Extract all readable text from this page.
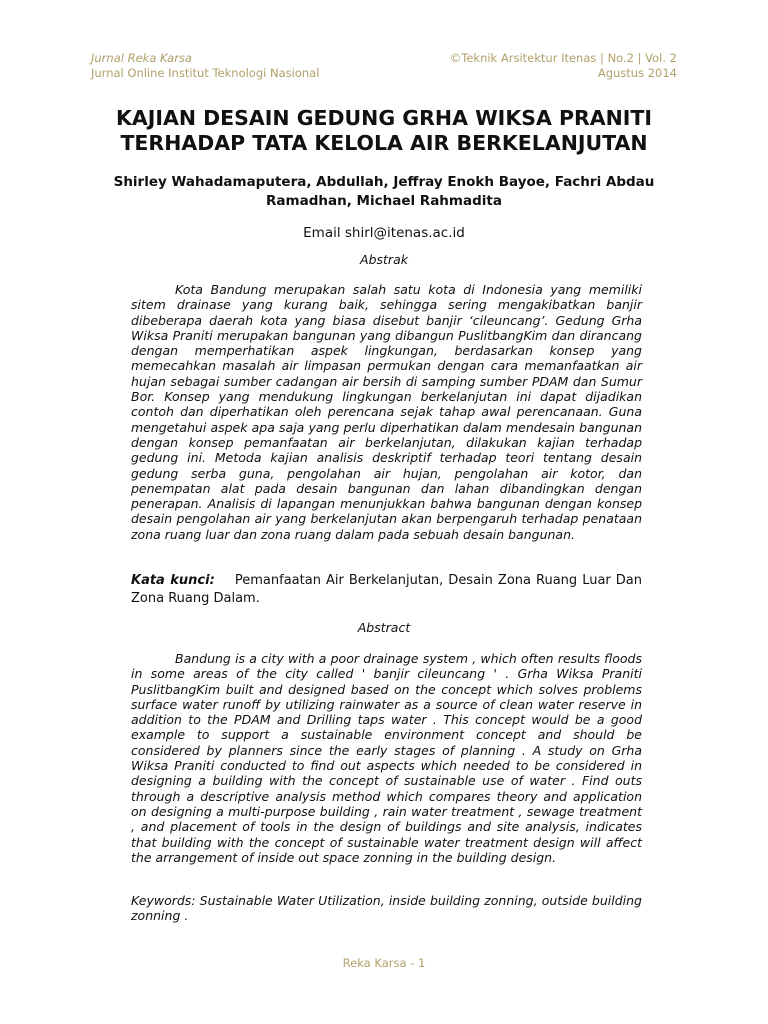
Jurnal Reka Karsa
Jurnal Online Institut Teknologi Nasional
©Teknik Arsitektur Itenas | No.2 | Vol. 2
Agustus 2014
KAJIAN DESAIN GEDUNG GRHA WIKSA PRANITI
TERHADAP TATA KELOLA AIR BERKELANJUTAN
Shirley Wahadamaputera, Abdullah, Jeffray Enokh Bayoe, Fachri Abdau
Ramadhan, Michael Rahmadita
Email shirl@itenas.ac.id
Abstrak

Kota Bandung merupakan salah satu kota di Indonesia yang memiliki sitem drainase yang kurang baik, sehingga sering mengakibatkan banjir dibeberapa daerah kota yang biasa disebut banjir ‘cileuncang’. Gedung Grha Wiksa Praniti merupakan bangunan yang dibangun PuslitbangKim dan dirancang dengan memperhatikan aspek lingkungan, berdasarkan konsep yang memecahkan masalah air limpasan permukan dengan cara memanfaatkan air hujan sebagai sumber cadangan air bersih di samping sumber PDAM dan Sumur Bor. Konsep yang mendukung lingkungan berkelanjutan ini dapat dijadikan contoh dan diperhatikan oleh perencana sejak tahap awal perencanaan. Guna mengetahui aspek apa saja yang perlu diperhatikan dalam mendesain bangunan dengan konsep pemanfaatan air berkelanjutan, dilakukan kajian terhadap gedung ini. Metoda kajian analisis deskriptif terhadap teori tentang desain gedung serba guna, pengolahan air hujan, pengolahan air kotor, dan penempatan alat pada desain bangunan dan lahan dibandingkan dengan penerapan. Analisis di lapangan menunjukkan bahwa bangunan dengan konsep desain pengolahan air yang berkelanjutan akan berpengaruh terhadap penataan zona ruang luar dan zona ruang dalam pada sebuah desain bangunan.

Kata kunci: Pemanfaatan Air Berkelanjutan, Desain Zona Ruang Luar Dan Zona Ruang Dalam.
Abstract

Bandung is a city with a poor drainage system , which often results floods in some areas of the city called ' banjir cileuncang ' . Grha Wiksa Praniti PuslitbangKim built and designed based on the concept which solves problems surface water runoff by utilizing rainwater as a source of clean water reserve in addition to the PDAM and Drilling taps water . This concept would be a good example to support a sustainable environment concept and should be considered by planners since the early stages of planning . A study on Grha Wiksa Praniti conducted to find out aspects which needed to be considered in designing a building with the concept of sustainable use of water . Find outs through a descriptive analysis method which compares theory and application on designing a multi-purpose building , rain water treatment , sewage treatment , and placement of tools in the design of buildings and site analysis, indicates that building with the concept of sustainable water treatment design will affect the arrangement of inside out space zonning in the building design.

Keywords: Sustainable Water Utilization, inside building zonning, outside building zonning .

Reka Karsa - 1
